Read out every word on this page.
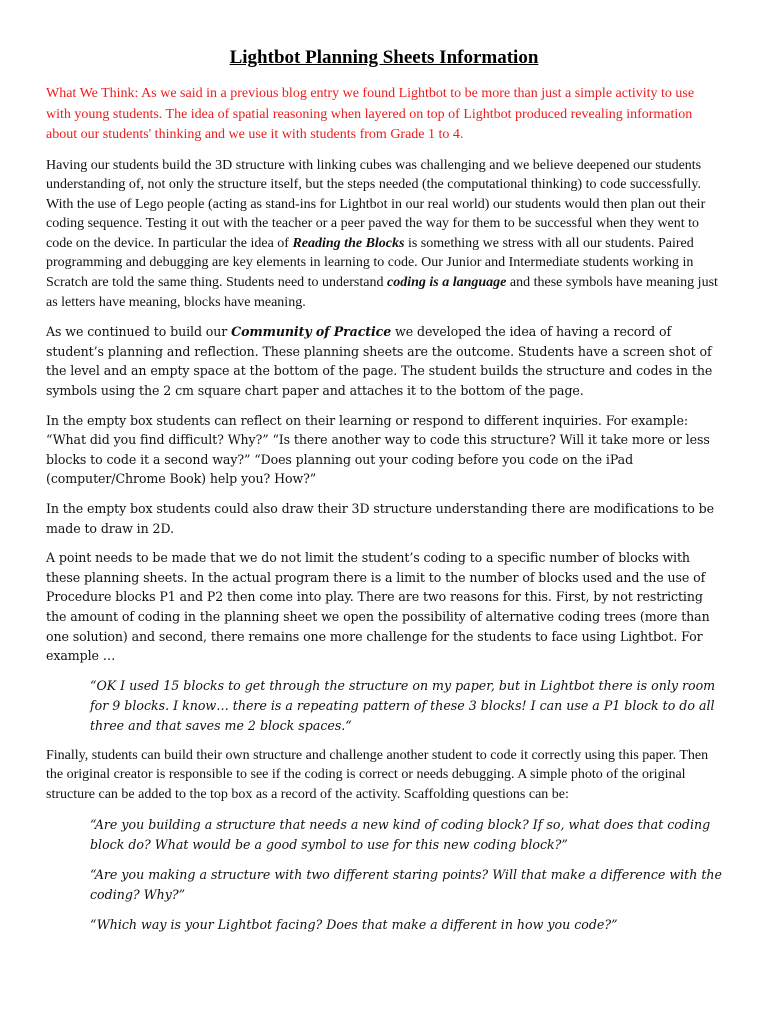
Lightbot Planning Sheets Information

What We Think: As we said in a previous blog entry we found Lightbot to be more than just a simple activity to use with young students. The idea of spatial reasoning when layered on top of Lightbot produced revealing information about our students' thinking and we use it with students from Grade 1 to 4.

Having our students build the 3D structure with linking cubes was challenging and we believe deepened our students understanding of, not only the structure itself, but the steps needed (the computational thinking) to code successfully. With the use of Lego people (acting as stand-ins for Lightbot in our real world) our students would then plan out their coding sequence. Testing it out with the teacher or a peer paved the way for them to be successful when they went to code on the device. In particular the idea of Reading the Blocks is something we stress with all our students. Paired programming and debugging are key elements in learning to code. Our Junior and Intermediate students working in Scratch are told the same thing. Students need to understand coding is a language and these symbols have meaning just as letters have meaning, blocks have meaning.

As we continued to build our Community of Practice we developed the idea of having a record of student’s planning and reflection. These planning sheets are the outcome. Students have a screen shot of the level and an empty space at the bottom of the page. The student builds the structure and codes in the symbols using the 2 cm square chart paper and attaches it to the bottom of the page.

In the empty box students can reflect on their learning or respond to different inquiries. For example: “What did you find difficult? Why?” “Is there another way to code this structure? Will it take more or less blocks to code it a second way?” “Does planning out your coding before you code on the iPad (computer/Chrome Book) help you? How?”

In the empty box students could also draw their 3D structure understanding there are modifications to be made to draw in 2D.

A point needs to be made that we do not limit the student’s coding to a specific number of blocks with these planning sheets. In the actual program there is a limit to the number of blocks used and the use of Procedure blocks P1 and P2 then come into play. There are two reasons for this. First, by not restricting the amount of coding in the planning sheet we open the possibility of alternative coding trees (more than one solution) and second, there remains one more challenge for the students to face using Lightbot. For example …

“OK I used 15 blocks to get through the structure on my paper, but in Lightbot there is only room for 9 blocks. I know… there is a repeating pattern of these 3 blocks! I can use a P1 block to do all three and that saves me 2 block spaces.“

Finally, students can build their own structure and challenge another student to code it correctly using this paper. Then the original creator is responsible to see if the coding is correct or needs debugging. A simple photo of the original structure can be added to the top box as a record of the activity. Scaffolding questions can be:

“Are you building a structure that needs a new kind of coding block? If so, what does that coding block do? What would be a good symbol to use for this new coding block?”

“Are you making a structure with two different staring points? Will that make a difference with the coding? Why?”

“Which way is your Lightbot facing? Does that make a different in how you code?”
